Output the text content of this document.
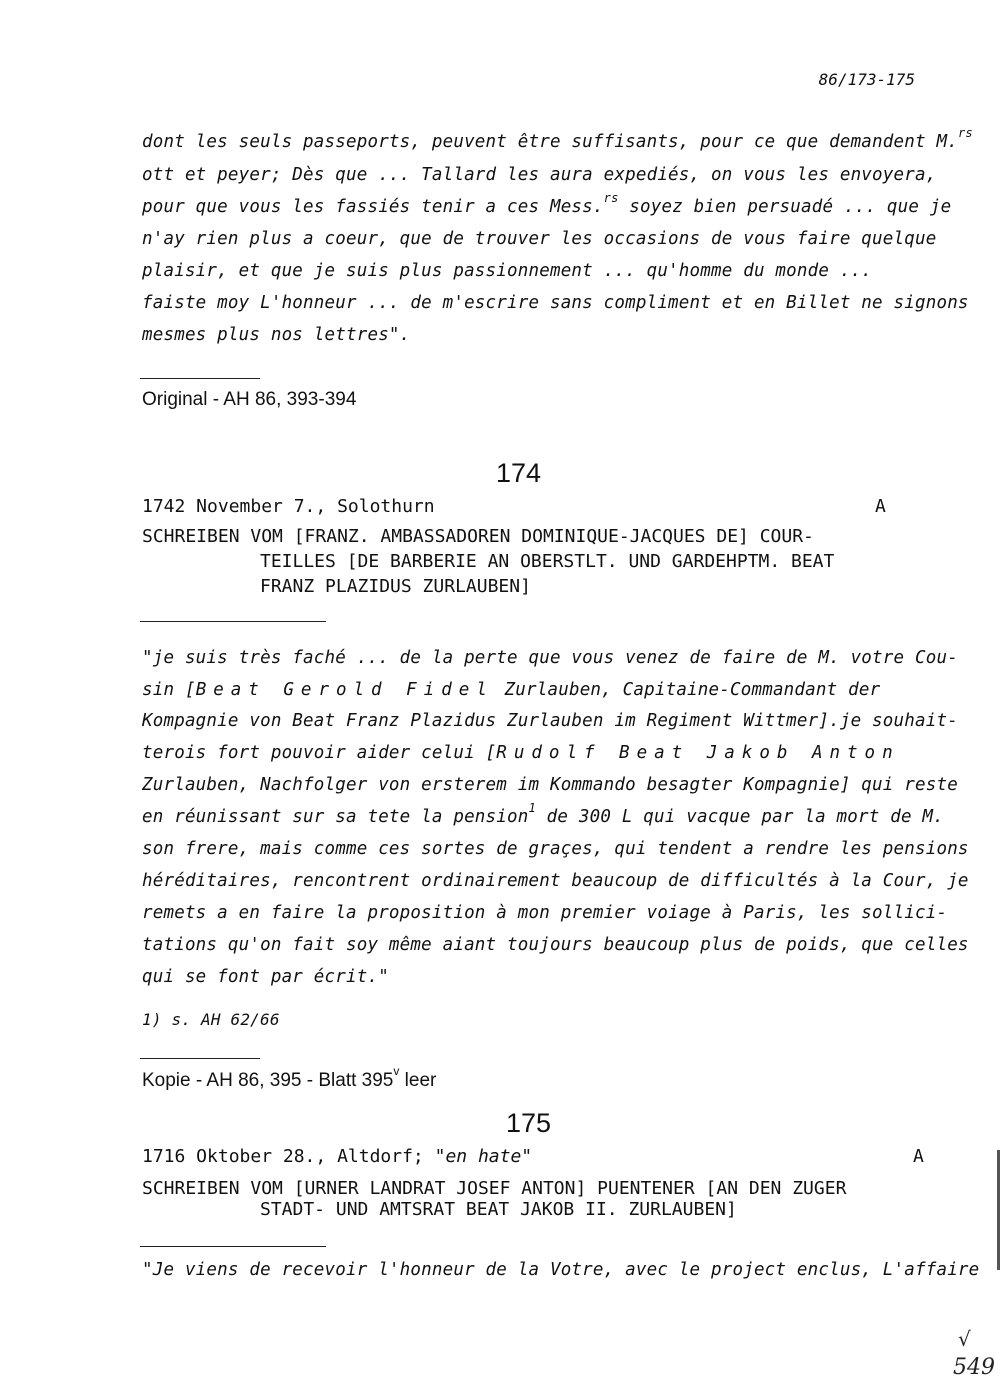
86/173-175
dont les seuls passeports, peuvent être suffisants, pour ce que demandent M.$^{rs}$
ott et peyer; Dès que ... Tallard les aura expediés, on vous les envoyera,
pour que vous les fassiés tenir a ces Mess.$^{rs}$ soyez bien persuadé ... que je
n'ay rien plus a coeur, que de trouver les occasions de vous faire quelque
plaisir, et que je suis plus passionnement ... qu'homme du monde ...
faiste moy L'honneur ... de m'escrire sans compliment et en Billet ne signons
mesmes plus nos lettres".
Original - AH 86, 393-394
174
1742 November 7., Solothurn	A
SCHREIBEN VOM [FRANZ. AMBASSADOREN DOMINIQUE-JACQUES DE] COUR-
TEILLES [DE BARBERIE AN OBERSTLT. UND GARDEHPTM. BEAT
FRANZ PLAZIDUS ZURLAUBEN]
"je suis très faché ... de la perte que vous venez de faire de M. votre Cou-
sin [Beat Gerold Fidel Zurlauben, Capitaine-Commandant der
Kompagnie von Beat Franz Plazidus Zurlauben im Regiment Wittmer].je souhait-
terois fort pouvoir aider celui [Rudolf Beat Jakob Anton
Zurlauben, Nachfolger von ersterem im Kommando besagter Kompagnie] qui reste
en réunissant sur sa tete la pension$^1$ de 300 L qui vacque par la mort de M.
son frere, mais comme ces sortes de graçes, qui tendent a rendre les pensions
héréditaires, rencontrent ordinairement beaucoup de difficultés à la Cour, je
remets a en faire la proposition à mon premier voiage à Paris, les sollici-
tations qu'on fait soy même aiant toujours beaucoup plus de poids, que celles
qui se font par écrit."
1) s. AH 62/66
Kopie - AH 86, 395 - Blatt 395$^v$ leer
175
1716 Oktober 28., Altdorf; "en hate"	A
SCHREIBEN VOM [URNER LANDRAT JOSEF ANTON] PUENTENER [AN DEN ZUGER
STADT- UND AMTSRAT BEAT JAKOB II. ZURLAUBEN]
"Je viens de recevoir l'honneur de la Votre, avec le project enclus, L'affaire
√
549
